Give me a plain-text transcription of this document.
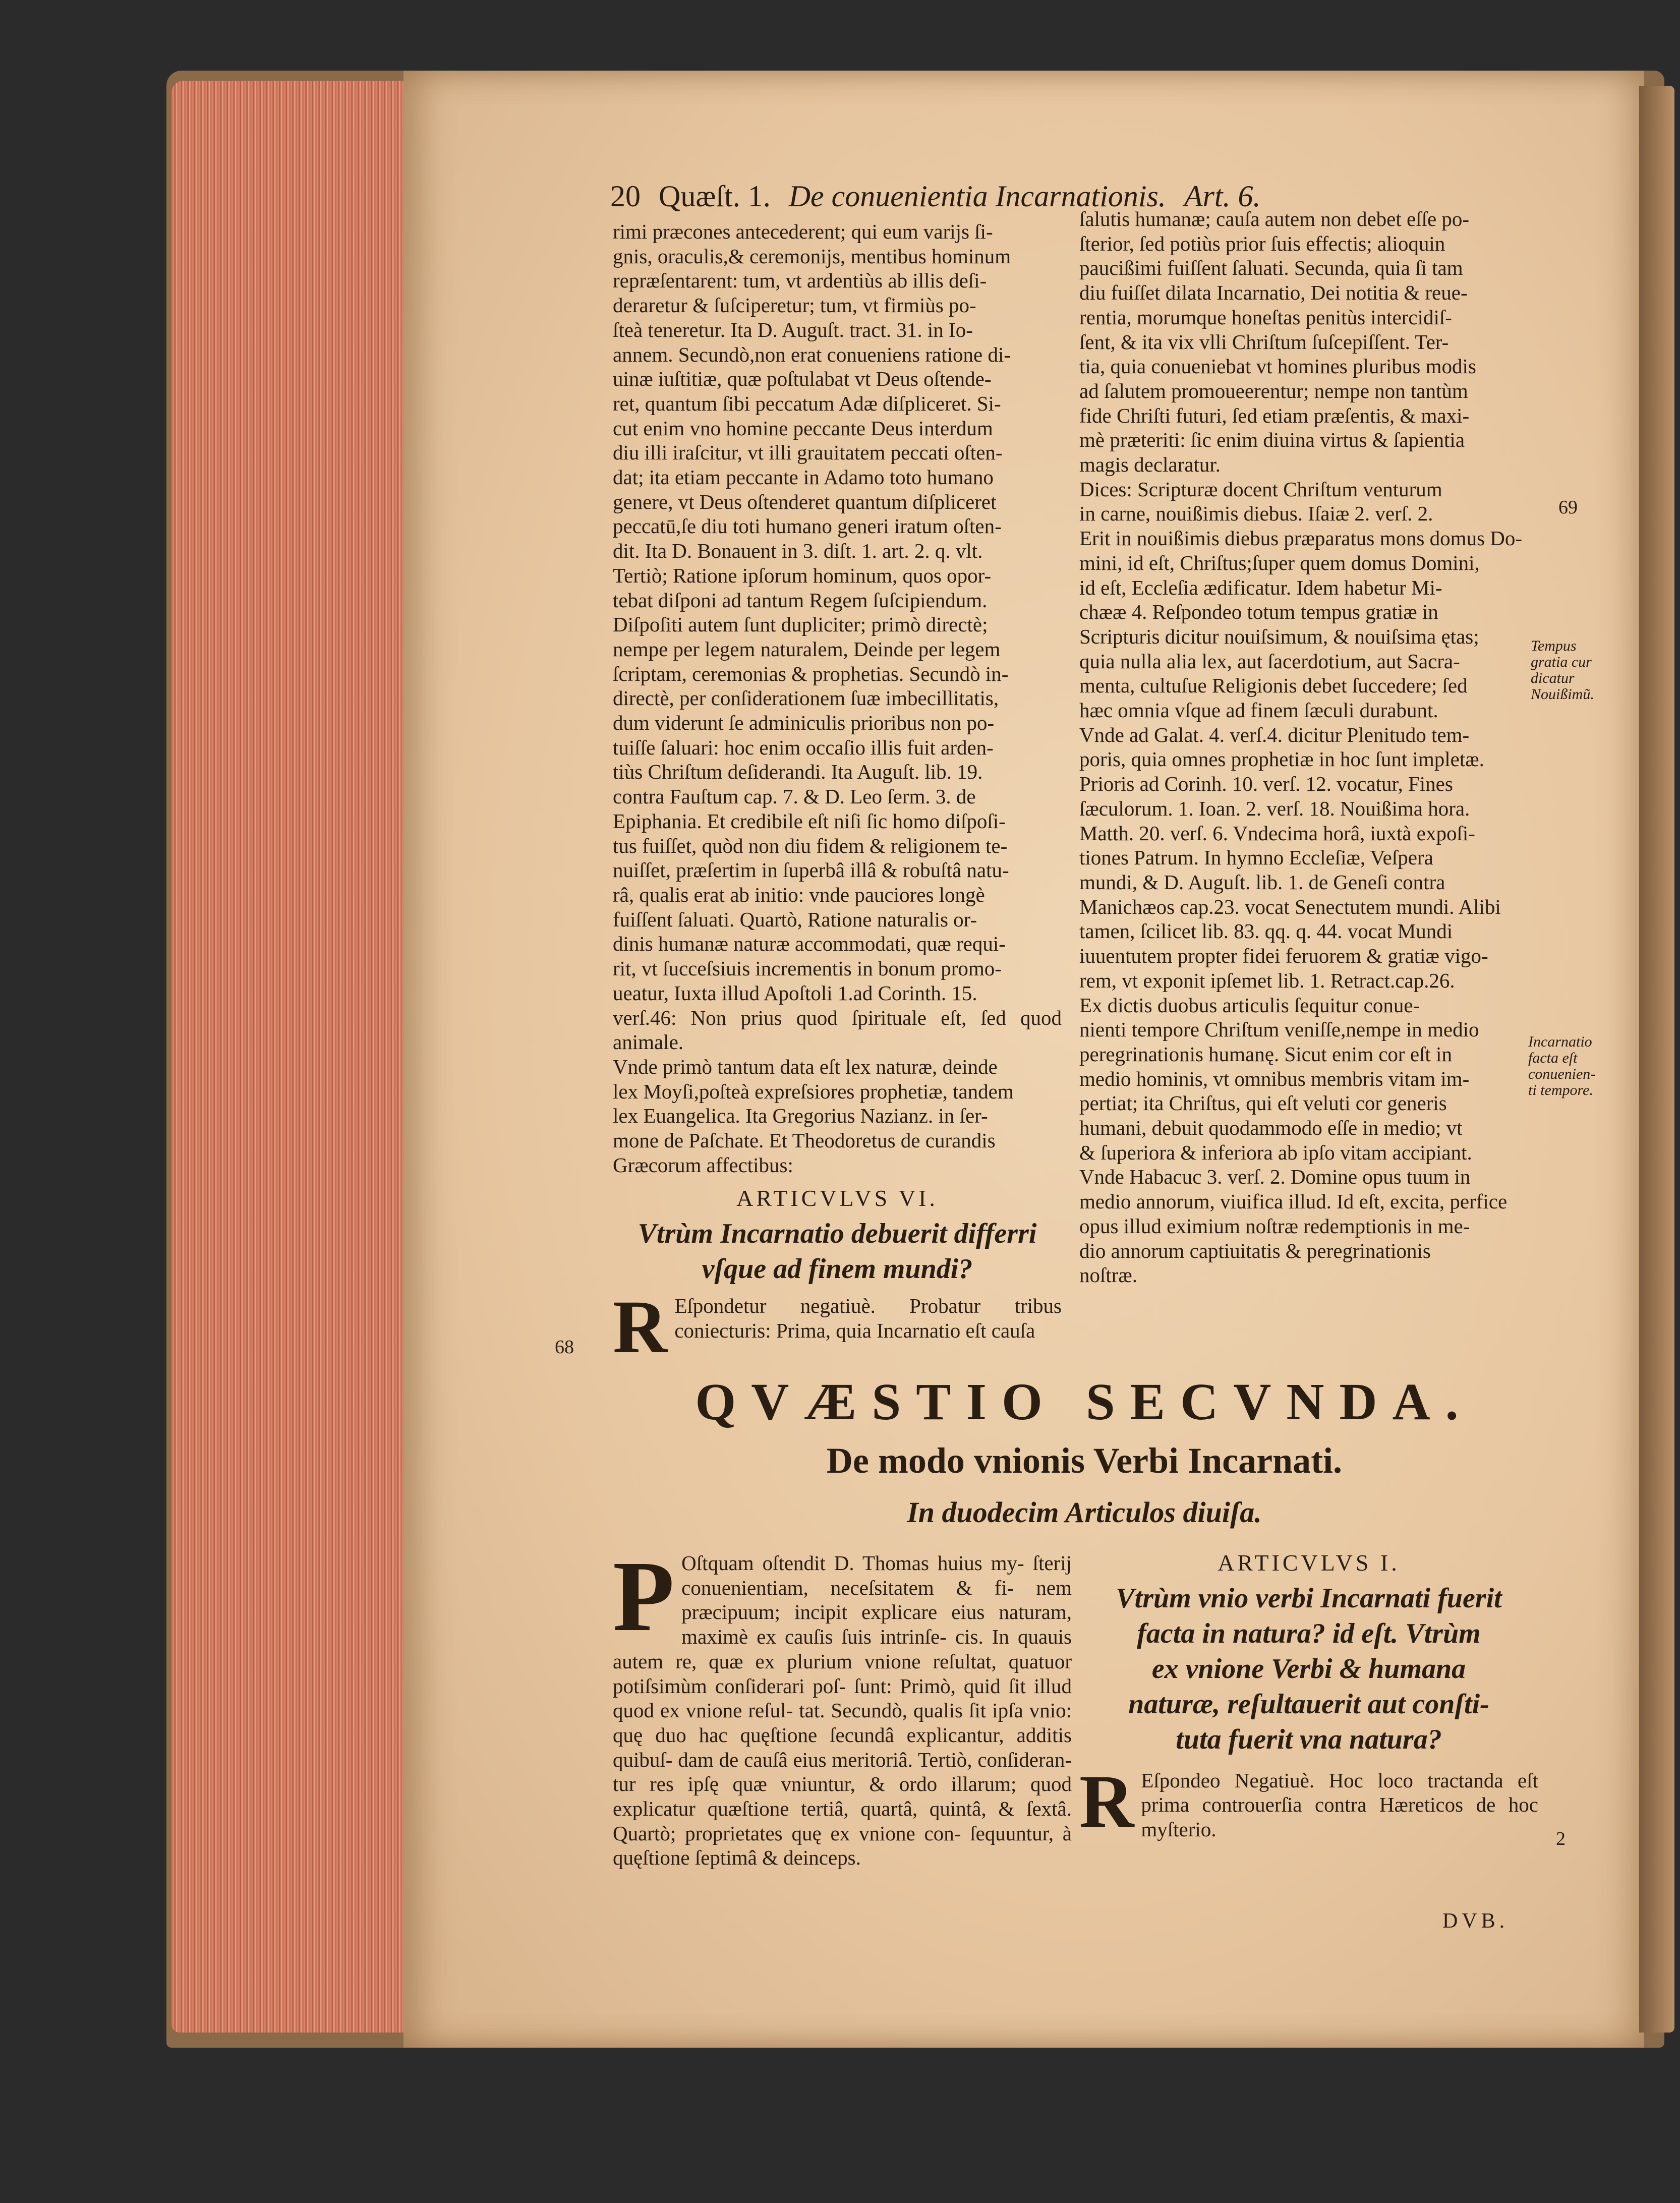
20 Quæſt. 1. De conuenientia Incarnationis. Art. 6.
rimi præcones antecederent; qui eum varijs ſi-
gnis, oraculis,& ceremonijs, mentibus hominum
repræſentarent: tum, vt ardentiùs ab illis deſi-
deraretur & ſuſciperetur; tum, vt firmiùs po-
ſteà teneretur. Ita D. Auguſt. tract. 31. in Io-
annem. Secundò,non erat conueniens ratione di-
uinæ iuſtitiæ, quæ poſtulabat vt Deus oſtende-
ret, quantum ſibi peccatum Adæ diſpliceret. Si-
cut enim vno homine peccante Deus interdum
diu illi iraſcitur, vt illi grauitatem peccati oſten-
dat; ita etiam peccante in Adamo toto humano
genere, vt Deus oſtenderet quantum diſpliceret
peccatū,ſe diu toti humano generi iratum oſten-
dit. Ita D. Bonauent in 3. diſt. 1. art. 2. q. vlt.
Tertiò; Ratione ipſorum hominum, quos opor-
tebat diſponi ad tantum Regem ſuſcipiendum.
Diſpoſiti autem ſunt dupliciter; primò directè;
nempe per legem naturalem, Deinde per legem
ſcriptam, ceremonias & prophetias. Secundò in-
directè, per conſiderationem ſuæ imbecillitatis,
dum viderunt ſe adminiculis prioribus non po-
tuiſſe ſaluari: hoc enim occaſio illis fuit arden-
tiùs Chriſtum deſiderandi. Ita Auguſt. lib. 19.
contra Fauſtum cap. 7. & D. Leo ſerm. 3. de
Epiphania. Et credibile eſt niſi ſic homo diſpoſi-
tus fuiſſet, quòd non diu fidem & religionem te-
nuiſſet, præſertim in ſuperbâ illâ & robuſtâ natu-
râ, qualis erat ab initio: vnde pauciores longè
fuiſſent ſaluati. Quartò, Ratione naturalis or-
dinis humanæ naturæ accommodati, quæ requi-
rit, vt ſucceſsiuis incrementis in bonum promo-
ueatur, Iuxta illud Apoſtoli 1.ad Corinth. 15.
verſ.46: Non prius quod ſpirituale eſt, ſed quod animale.
Vnde primò tantum data eſt lex naturæ, deinde
lex Moyſi,poſteà expreſsiores prophetiæ, tandem
lex Euangelica. Ita Gregorius Nazianz. in ſer-
mone de Paſchate. Et Theodoretus de curandis
Græcorum affectibus:
ARTICVLVS VI.
Vtrùm Incarnatio debuerit differri vſque ad finem mundi?

R Eſpondetur negatiuè. Probatur tribus coniecturis: Prima, quia Incarnatio eſt cauſa

ſalutis humanæ; cauſa autem non debet eſſe po-
ſterior, ſed potiùs prior ſuis effectis; alioquin
paucißimi fuiſſent ſaluati. Secunda, quia ſi tam
diu fuiſſet dilata Incarnatio, Dei notitia & reue-
rentia, morumque honeſtas penitùs intercidiſ-
ſent, & ita vix vlli Chriſtum ſuſcepiſſent. Ter-
tia, quia conueniebat vt homines pluribus modis
ad ſalutem promoueerentur; nempe non tantùm
fide Chriſti futuri, ſed etiam præſentis, & maxi-
mè præteriti: ſic enim diuina virtus & ſapientia
magis declaratur.
Dices: Scripturæ docent Chriſtum venturum
in carne, nouißimis diebus. Iſaiæ 2. verſ. 2.
Erit in nouißimis diebus præparatus mons domus Do-
mini, id eſt, Chriſtus;ſuper quem domus Domini,
id eſt, Eccleſia ædificatur. Idem habetur Mi-
chææ 4. Reſpondeo totum tempus gratiæ in
Scripturis dicitur nouiſsimum, & nouiſsima ętas;
quia nulla alia lex, aut ſacerdotium, aut Sacra-
menta, cultuſue Religionis debet ſuccedere; ſed
hæc omnia vſque ad finem ſæculi durabunt.
Vnde ad Galat. 4. verſ.4. dicitur Plenitudo tem-
poris, quia omnes prophetiæ in hoc ſunt impletæ.
Prioris ad Corinh. 10. verſ. 12. vocatur, Fines
ſæculorum. 1. Ioan. 2. verſ. 18. Nouißima hora.
Matth. 20. verſ. 6. Vndecima horâ, iuxtà expoſi-
tiones Patrum. In hymno Eccleſiæ, Veſpera
mundi, & D. Auguſt. lib. 1. de Geneſi contra
Manichæos cap.23. vocat Senectutem mundi. Alibi
tamen, ſcilicet lib. 83. qq. q. 44. vocat Mundi
iuuentutem propter fidei feruorem & gratiæ vigo-
rem, vt exponit ipſemet lib. 1. Retract.cap.26.
Ex dictis duobus articulis ſequitur conue-
nienti tempore Chriſtum veniſſe,nempe in medio
peregrinationis humanę. Sicut enim cor eſt in
medio hominis, vt omnibus membris vitam im-
pertiat; ita Chriſtus, qui eſt veluti cor generis
humani, debuit quodammodo eſſe in medio; vt
& ſuperiora & inferiora ab ipſo vitam accipiant.
Vnde Habacuc 3. verſ. 2. Domine opus tuum in
medio annorum, viuifica illud. Id eſt, excita, perfice
opus illud eximium noſtræ redemptionis in me-
dio annorum captiuitatis & peregrinationis
noſtræ.
69
Tempus
gratia cur
dicatur
Nouißimũ.
Incarnatio
facta eſt
conuenien-
ti tempore.
68
2
QVÆSTIO SECVNDA.
De modo vnionis Verbi Incarnati.
In duodecim Articulos diuiſa.

P Oſtquam oſtendit D. Thomas huius my- ſterij conuenientiam, neceſsitatem & fi- nem præcipuum; incipit explicare eius naturam, maximè ex cauſis ſuis intrinſe- cis. In quauis autem re, quæ ex plurium vnione reſultat, quatuor potiſsimùm conſiderari poſ- ſunt: Primò, quid ſit illud quod ex vnione reſul- tat. Secundò, qualis ſit ipſa vnio: quę duo hac quęſtione ſecundâ explicantur, additis quibuſ- dam de cauſâ eius meritoriâ. Tertiò, conſideran- tur res ipſę quæ vniuntur, & ordo illarum; quod explicatur quæſtione tertiâ, quartâ, quintâ, & ſextâ. Quartò; proprietates quę ex vnione con- ſequuntur, à quęſtione ſeptimâ & deinceps.

ARTICVLVS I.
Vtrùm vnio verbi Incarnati fuerit
facta in natura? id eſt. Vtrùm
ex vnione Verbi & humana
naturæ, reſultauerit aut conſti-
tuta fuerit vna natura?

R Eſpondeo Negatiuè. Hoc loco tractanda eſt prima controuerſia contra Hæreticos de hoc myſterio.

DVB.
